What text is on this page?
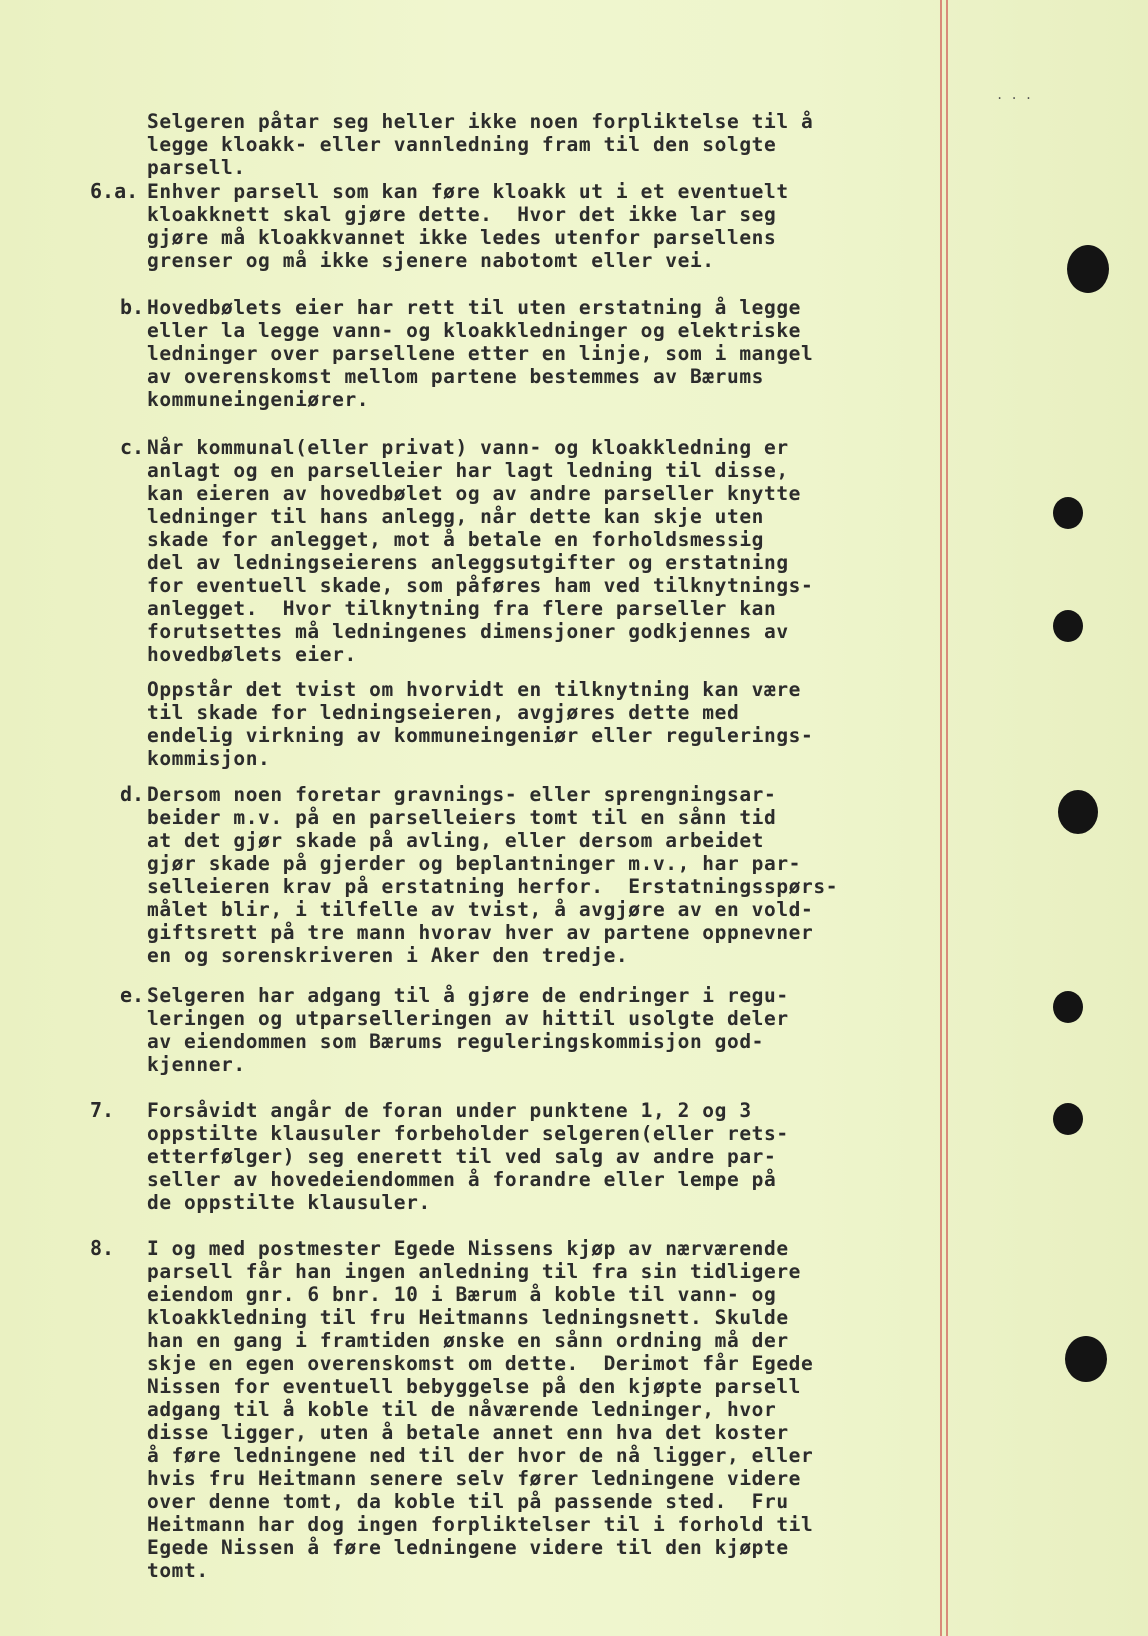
. . .
Selgeren påtar seg heller ikke noen forpliktelse til å
legge kloakk- eller vannledning fram til den solgte
parsell.
6.a. Enhver parsell som kan føre kloakk ut i et eventuelt
kloakknett skal gjøre dette.  Hvor det ikke lar seg
gjøre må kloakkvannet ikke ledes utenfor parsellens
grenser og må ikke sjenere nabotomt eller vei.
b. Hovedbølets eier har rett til uten erstatning å legge
eller la legge vann- og kloakkledninger og elektriske
ledninger over parsellene etter en linje, som i mangel
av overenskomst mellom partene bestemmes av Bærums
kommuneingeniører.
c. Når kommunal(eller privat) vann- og kloakkledning er
anlagt og en parselleier har lagt ledning til disse,
kan eieren av hovedbølet og av andre parseller knytte
ledninger til hans anlegg, når dette kan skje uten
skade for anlegget, mot å betale en forholdsmessig
del av ledningseierens anleggsutgifter og erstatning
for eventuell skade, som påføres ham ved tilknytnings-
anlegget.  Hvor tilknytning fra flere parseller kan
forutsettes må ledningenes dimensjoner godkjennes av
hovedbølets eier.
Oppstår det tvist om hvorvidt en tilknytning kan være
til skade for ledningseieren, avgjøres dette med
endelig virkning av kommuneingeniør eller regulerings-
kommisjon.
d. Dersom noen foretar gravnings- eller sprengningsar-
beider m.v. på en parselleiers tomt til en sånn tid
at det gjør skade på avling, eller dersom arbeidet
gjør skade på gjerder og beplantninger m.v., har par-
selleieren krav på erstatning herfor.  Erstatningsspørs-
målet blir, i tilfelle av tvist, å avgjøre av en vold-
giftsrett på tre mann hvorav hver av partene oppnevner
en og sorenskriveren i Aker den tredje.
e. Selgeren har adgang til å gjøre de endringer i regu-
leringen og utparselleringen av hittil usolgte deler
av eiendommen som Bærums reguleringskommisjon god-
kjenner.
7. Forsåvidt angår de foran under punktene 1, 2 og 3
oppstilte klausuler forbeholder selgeren(eller rets-
etterfølger) seg enerett til ved salg av andre par-
seller av hovedeiendommen å forandre eller lempe på
de oppstilte klausuler.
8. I og med postmester Egede Nissens kjøp av nærværende
parsell får han ingen anledning til fra sin tidligere
eiendom gnr. 6 bnr. 10 i Bærum å koble til vann- og
kloakkledning til fru Heitmanns ledningsnett. Skulde
han en gang i framtiden ønske en sånn ordning må der
skje en egen overenskomst om dette.  Derimot får Egede
Nissen for eventuell bebyggelse på den kjøpte parsell
adgang til å koble til de nåværende ledninger, hvor
disse ligger, uten å betale annet enn hva det koster
å føre ledningene ned til der hvor de nå ligger, eller
hvis fru Heitmann senere selv fører ledningene videre
over denne tomt, da koble til på passende sted.  Fru
Heitmann har dog ingen forpliktelser til i forhold til
Egede Nissen å føre ledningene videre til den kjøpte
tomt.
